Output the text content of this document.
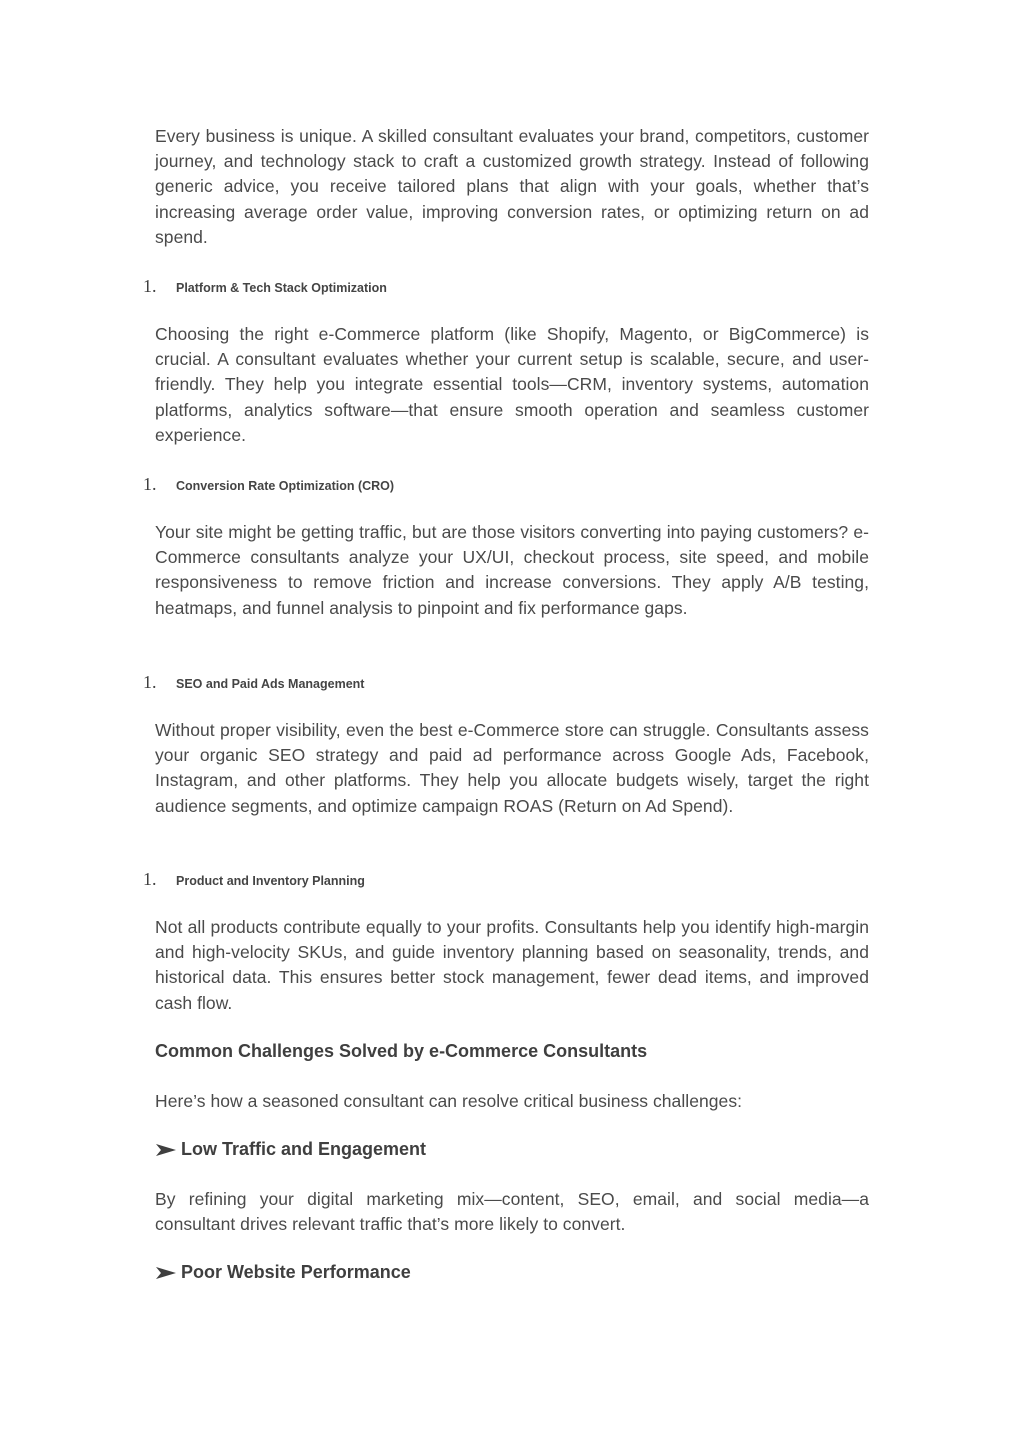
Every business is unique. A skilled consultant evaluates your brand, competitors, customer journey, and technology stack to craft a customized growth strategy. Instead of following generic advice, you receive tailored plans that align with your goals, whether that’s increasing average order value, improving conversion rates, or optimizing return on ad spend.

1.	Platform & Tech Stack Optimization

Choosing the right e-Commerce platform (like Shopify, Magento, or BigCommerce) is crucial. A consultant evaluates whether your current setup is scalable, secure, and user-friendly. They help you integrate essential tools—CRM, inventory systems, automation platforms, analytics software—that ensure smooth operation and seamless customer experience.

1.	Conversion Rate Optimization (CRO)

Your site might be getting traffic, but are those visitors converting into paying customers? e-Commerce consultants analyze your UX/UI, checkout process, site speed, and mobile responsiveness to remove friction and increase conversions. They apply A/B testing, heatmaps, and funnel analysis to pinpoint and fix performance gaps.

1.	SEO and Paid Ads Management

Without proper visibility, even the best e-Commerce store can struggle. Consultants assess your organic SEO strategy and paid ad performance across Google Ads, Facebook, Instagram, and other platforms. They help you allocate budgets wisely, target the right audience segments, and optimize campaign ROAS (Return on Ad Spend).

1.	Product and Inventory Planning

Not all products contribute equally to your profits. Consultants help you identify high-margin and high-velocity SKUs, and guide inventory planning based on seasonality, trends, and historical data. This ensures better stock management, fewer dead items, and improved cash flow.

Common Challenges Solved by e-Commerce Consultants

Here’s how a seasoned consultant can resolve critical business challenges:

Low Traffic and Engagement

By refining your digital marketing mix—content, SEO, email, and social media—a consultant drives relevant traffic that’s more likely to convert.

Poor Website Performance
